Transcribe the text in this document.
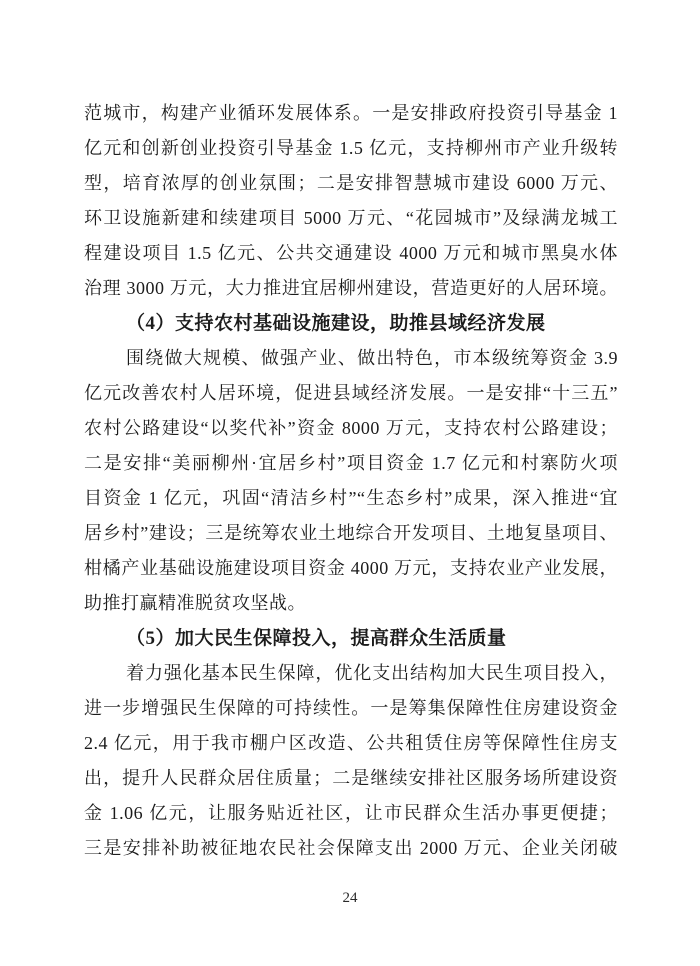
范城市，构建产业循环发展体系。一是安排政府投资引导基金 1
亿元和创新创业投资引导基金 1.5 亿元，支持柳州市产业升级转
型，培育浓厚的创业氛围；二是安排智慧城市建设 6000 万元、
环卫设施新建和续建项目 5000 万元、“花园城市”及绿满龙城工
程建设项目 1.5 亿元、公共交通建设 4000 万元和城市黑臭水体
治理 3000 万元，大力推进宜居柳州建设，营造更好的人居环境。
（4）支持农村基础设施建设，助推县域经济发展
围绕做大规模、做强产业、做出特色，市本级统筹资金 3.9
亿元改善农村人居环境，促进县域经济发展。一是安排“十三五”
农村公路建设“以奖代补”资金 8000 万元，支持农村公路建设；
二是安排“美丽柳州·宜居乡村”项目资金 1.7 亿元和村寨防火项
目资金 1 亿元，巩固“清洁乡村”“生态乡村”成果，深入推进“宜
居乡村”建设；三是统筹农业土地综合开发项目、土地复垦项目、
柑橘产业基础设施建设项目资金 4000 万元，支持农业产业发展，
助推打赢精准脱贫攻坚战。
（5）加大民生保障投入，提高群众生活质量
着力强化基本民生保障，优化支出结构加大民生项目投入，
进一步增强民生保障的可持续性。一是筹集保障性住房建设资金
2.4 亿元，用于我市棚户区改造、公共租赁住房等保障性住房支
出，提升人民群众居住质量；二是继续安排社区服务场所建设资
金 1.06 亿元，让服务贴近社区，让市民群众生活办事更便捷；
三是安排补助被征地农民社会保障支出 2000 万元、企业关闭破
24
